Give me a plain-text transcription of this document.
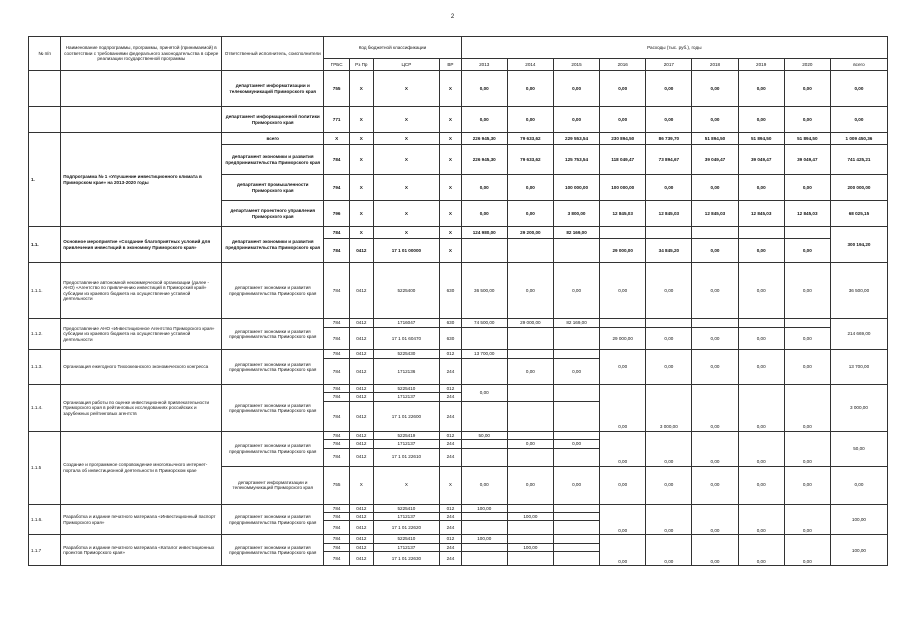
2
№ п/п	Наименование подпрограммы, программы, принятой (принимаемой) в соответствии с требованиями федерального законодательства в сфере реализации государственной программы	Ответственный исполнитель, соисполнители	Код бюджетной классификации				Расходы (тыс. руб.), годы								
			ГРБС	Рз Пр	ЦСР	ВР	2013	2014	2015	2016	2017	2018	2019	2020	всего
		департамент информатизации и телекоммуникаций Приморского края	755	X	X	X	0,00	0,00	0,00	0,00	0,00	0,00	0,00	0,00	0,00
		департамент информационной политики Приморского края	771	X	X	X	0,00	0,00	0,00	0,00	0,00	0,00	0,00	0,00	0,00
1.	Подпрограмма № 1 «Улучшение инвестиционного климата в Приморском крае» на 2013-2020 годы	всего	X	X	X	X	226 945,30	79 633,62	229 553,54	230 894,50	86 739,70	51 894,50	51 894,50	51 894,50	1 009 450,36
		департамент экономики и развития предпринимательства Приморского края	784	X	X	X	226 945,30	79 633,62	125 753,54	118 049,47	73 894,67	39 049,47	39 049,47	39 049,47	741 425,21
		департамент промышленности Приморского края	794	X	X	X	0,00	0,00	100 000,00	100 000,00	0,00	0,00	0,00	0,00	200 000,00
		департамент проектного управления Приморского края	796	X	X	X	0,00	0,00	3 800,00	12 845,03	12 845,03	12 845,03	12 845,03	12 845,03	68 025,15
1.1.	Основное мероприятие «Создание благоприятных условий для привлечения инвестиций в экономику Приморского края»	департамент экономики и развития предпринимательства Приморского края	784	X	X	X	124 980,00	29 200,00	82 169,00						300 194,20
			784	0412	17 1 01 00000	X				29 000,00	34 845,20	0,00	0,00	0,00	
1.1.1.	Предоставление автономной некоммерческой организации (далее - АНО) «Агентство по привлечению инвестиций в Приморский край» субсидии из краевого бюджета на осуществление уставной деятельности	департамент экономики и развития предпринимательства Приморского края	784	0412	5225400	630	36 500,00	0,00	0,00	0,00	0,00	0,00	0,00	0,00	36 500,00
1.1.2.	Предоставление АНО «Инвестиционное Агентство Приморского края» субсидии из краевого бюджета на осуществление уставной деятельности	департамент экономики и развития предпринимательства Приморского края	784	0412	1716047	630	74 500,00	29 000,00	82 169,00						214 669,00
			784	0412	17 1 01 60470	630				29 000,00	0,00	0,00	0,00	0,00	
1.1.3.	Организация ежегодного Тихоокеанского экономического конгресса	департамент экономики и развития предпринимательства Приморского края	784	0412	5225430	012	13 700,00			0,00	0,00	0,00	0,00	0,00	13 700,00
			784	0412	1712136	244		0,00	0,00						
1.1.4.	Организация работы по оценке инвестиционной привлекательности Приморского края в рейтинговых исследованиях российских и зарубежных рейтинговых агентств	департамент экономики и развития предпринимательства Приморского края	784	0412	5225410	012	0,00			0,00	3 000,00	0,00	0,00	0,00	3 000,00
			784	0412	1712137	244									
			784	0412	17 1 01 22600	244									
1.1.5	Создание и программное сопровождение многоязычного интернет-портала об инвестиционной деятельности в Приморском крае	департамент экономики и развития предпринимательства Приморского края	784	0412	5225419	012	50,00			0,00	0,00	0,00	0,00	0,00	50,00
			784	0412	1712137	244		0,00	0,00						
			784	0412	17 1 01 22610	244									
		департамент информатизации и телекоммуникаций Приморского края	755	X	X	X	0,00	0,00	0,00	0,00	0,00	0,00	0,00	0,00	0,00
1.1.6.	Разработка и издание печатного материала «Инвестиционный паспорт Приморского края»	департамент экономики и развития предпринимательства Приморского края	784	0412	5225410	012	100,00			0,00	0,00	0,00	0,00	0,00	100,00
			784	0412	1712137	244		100,00							
			784	0412	17 1 01 22620	244									
1.1.7	Разработка и издание печатного материала «Каталог инвестиционных проектов Приморского края»	департамент экономики и развития предпринимательства Приморского края	784	0412	5225410	012	100,00			0,00	0,00	0,00	0,00	0,00	100,00
			784	0412	1712137	244		100,00							
			784	0412	17 1 01 22630	244									
